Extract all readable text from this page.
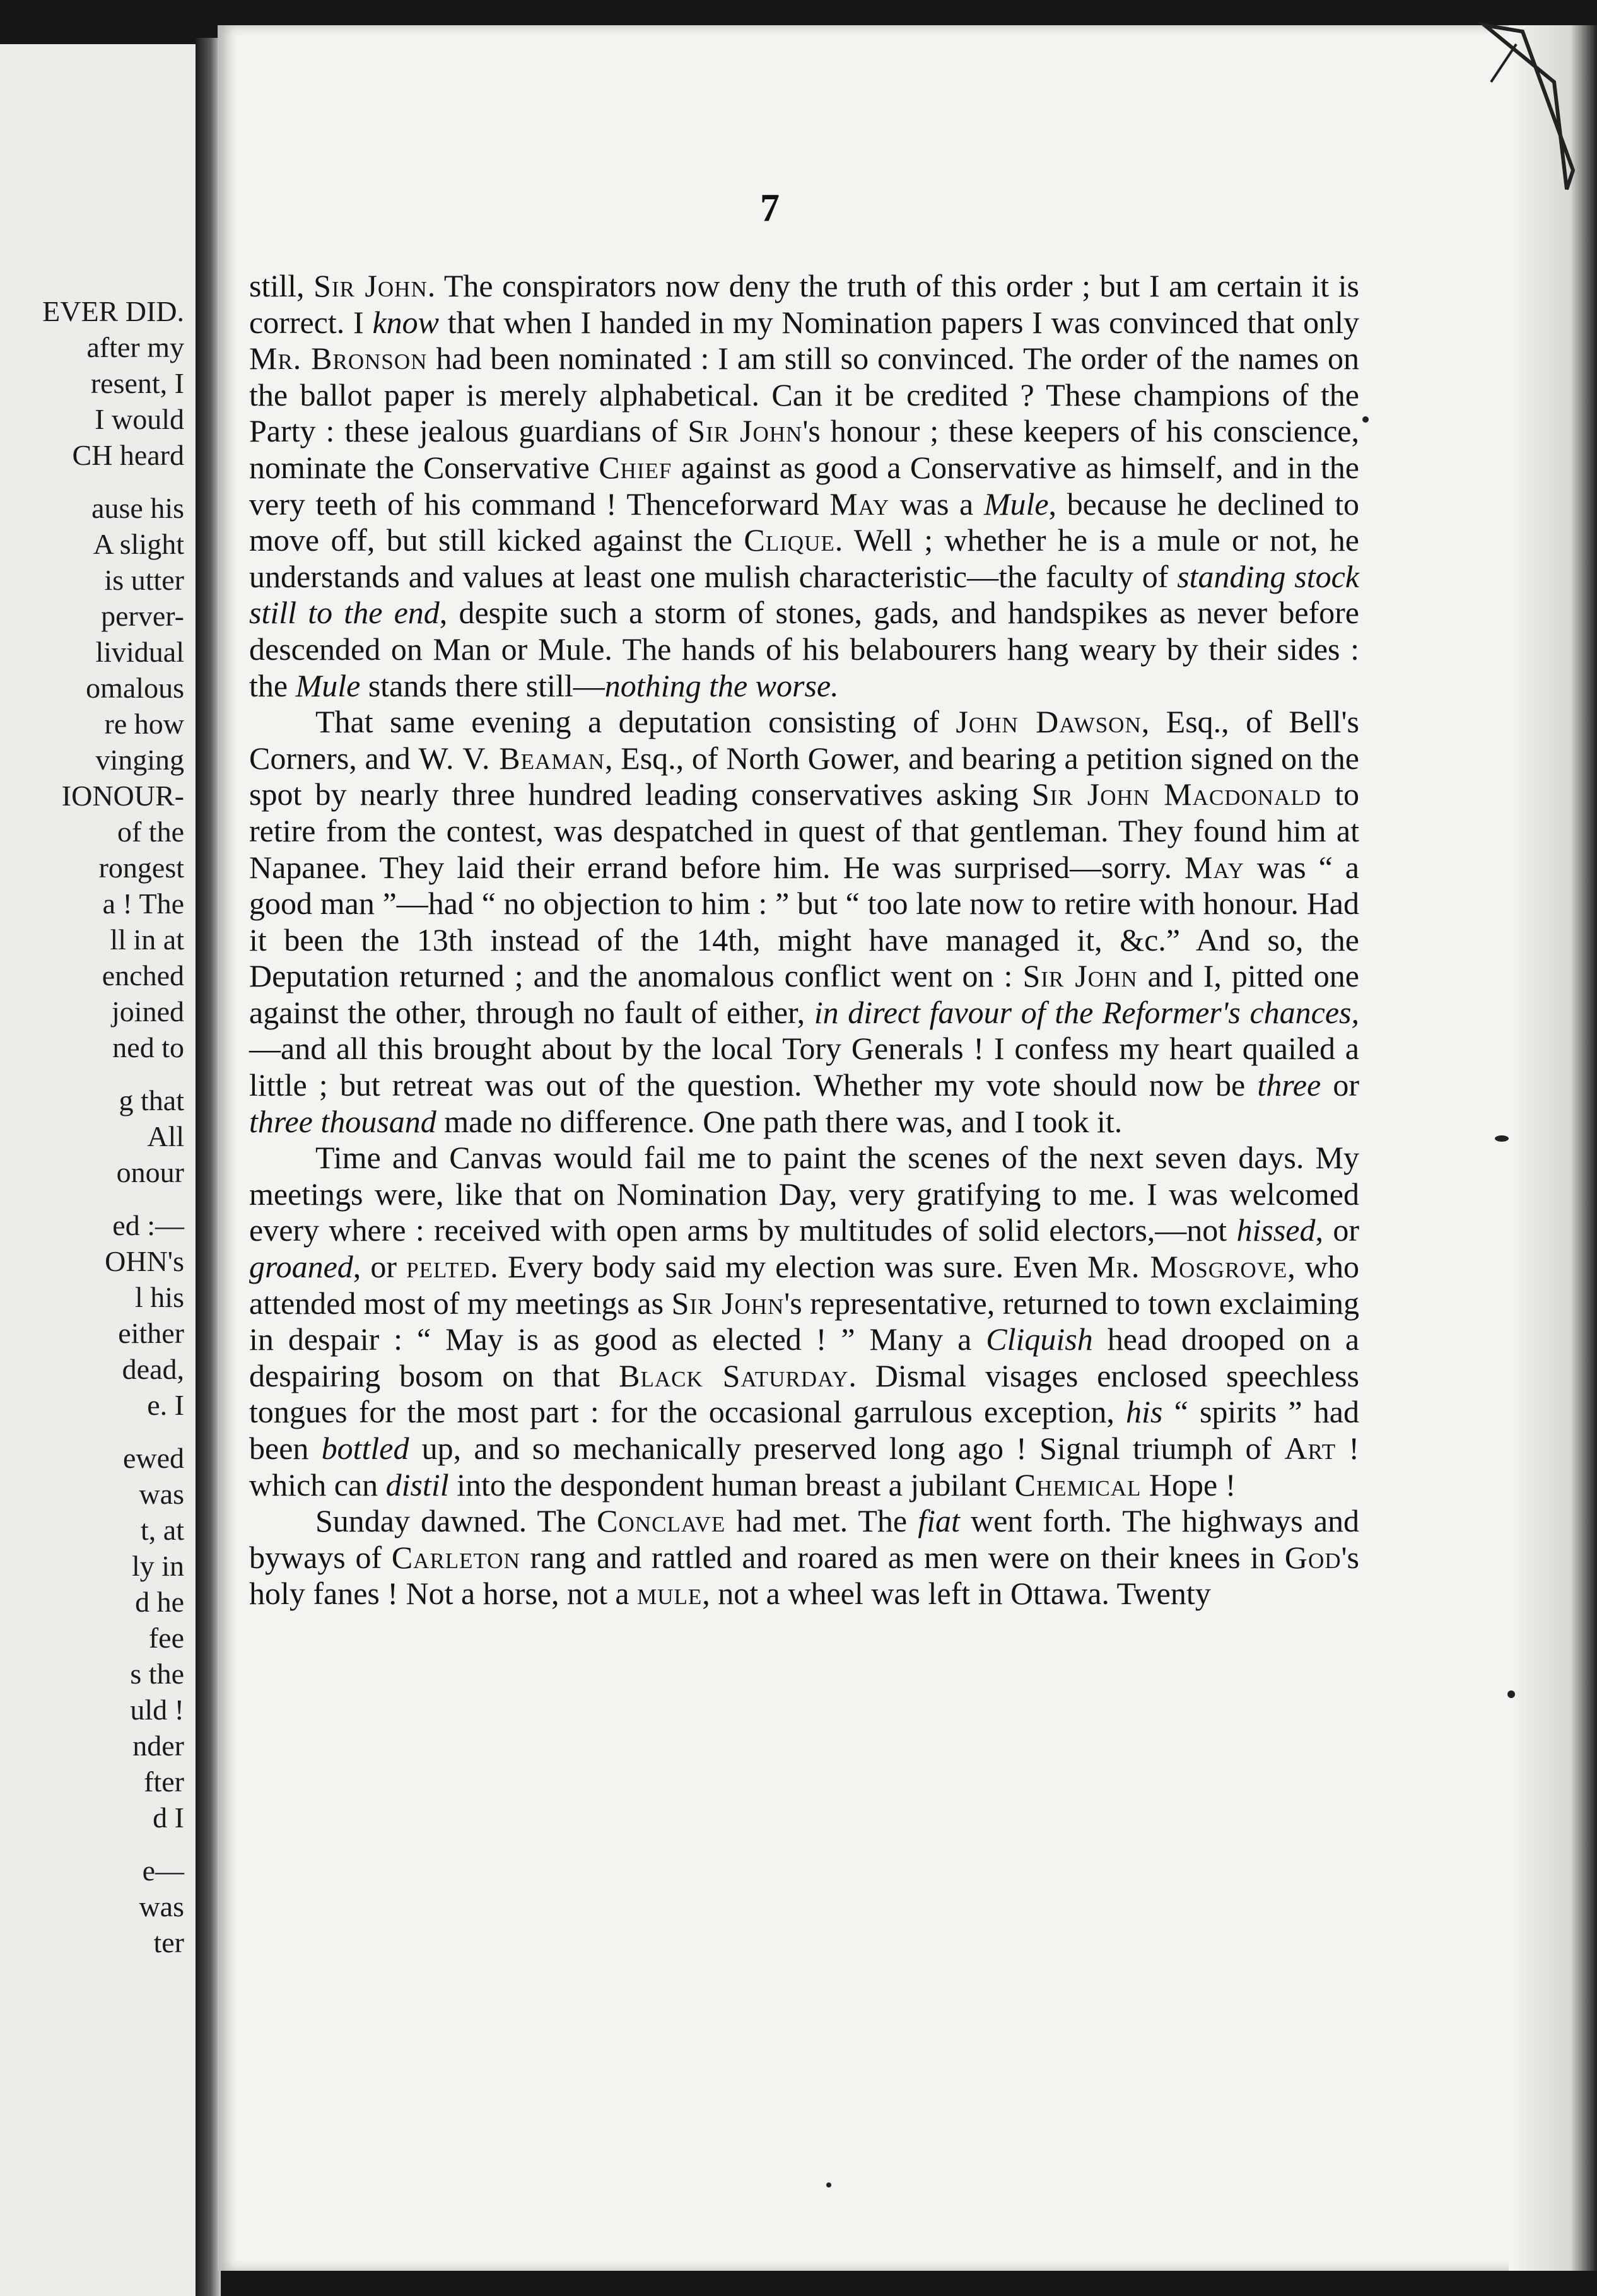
EVER DID.
after my
resent, I
I would
CH heard
ause his
A slight
is utter
perver-
lividual
omalous
re how
vinging
IONOUR-
of the
rongest
a ! The
ll in at
enched
joined
ned to
g that
All
onour
ed :—
OHN's
l his
either
dead,
e. I
ewed
was
t, at
ly in
d he
fee
s the
uld !
nder
fter
d I
e—
was
ter
7

still, Sir John. The conspirators now deny the truth of this order ; but I am certain it is correct. I know that when I handed in my Nomination papers I was convinced that only Mr. Bronson had been nominated : I am still so convinced. The order of the names on the ballot paper is merely alphabetical. Can it be credited ? These champions of the Party : these jealous guardians of Sir John's honour ; these keepers of his conscience, nominate the Conservative Chief against as good a Conservative as himself, and in the very teeth of his command ! Thenceforward May was a Mule, because he declined to move off, but still kicked against the Clique. Well ; whether he is a mule or not, he understands and values at least one mulish characteristic—the faculty of standing stock still to the end, despite such a storm of stones, gads, and handspikes as never before descended on Man or Mule. The hands of his belabourers hang weary by their sides : the Mule stands there still—nothing the worse.

That same evening a deputation consisting of John Dawson, Esq., of Bell's Corners, and W. V. Beaman, Esq., of North Gower, and bearing a petition signed on the spot by nearly three hundred leading conservatives asking Sir John Macdonald to retire from the contest, was despatched in quest of that gentleman. They found him at Napanee. They laid their errand before him. He was surprised—sorry. May was “ a good man ”—had “ no objection to him : ” but “ too late now to retire with honour. Had it been the 13th instead of the 14th, might have managed it, &c.” And so, the Deputation returned ; and the anomalous conflict went on : Sir John and I, pitted one against the other, through no fault of either, in direct favour of the Reformer's chances,—and all this brought about by the local Tory Generals ! I confess my heart quailed a little ; but retreat was out of the question. Whether my vote should now be three or three thousand made no difference. One path there was, and I took it.

Time and Canvas would fail me to paint the scenes of the next seven days. My meetings were, like that on Nomination Day, very gratifying to me. I was welcomed every where : received with open arms by multitudes of solid electors,—not hissed, or groaned, or pelted. Every body said my election was sure. Even Mr. Mosgrove, who attended most of my meetings as Sir John's representative, returned to town exclaiming in despair : “ May is as good as elected ! ” Many a Cliquish head drooped on a despairing bosom on that Black Saturday. Dismal visages enclosed speechless tongues for the most part : for the occasional garrulous exception, his “ spirits ” had been bottled up, and so mechanically preserved long ago ! Signal triumph of Art ! which can distil into the despondent human breast a jubilant Chemical Hope !

Sunday dawned. The Conclave had met. The fiat went forth. The highways and byways of Carleton rang and rattled and roared as men were on their knees in God's holy fanes ! Not a horse, not a mule, not a wheel was left in Ottawa. Twenty
